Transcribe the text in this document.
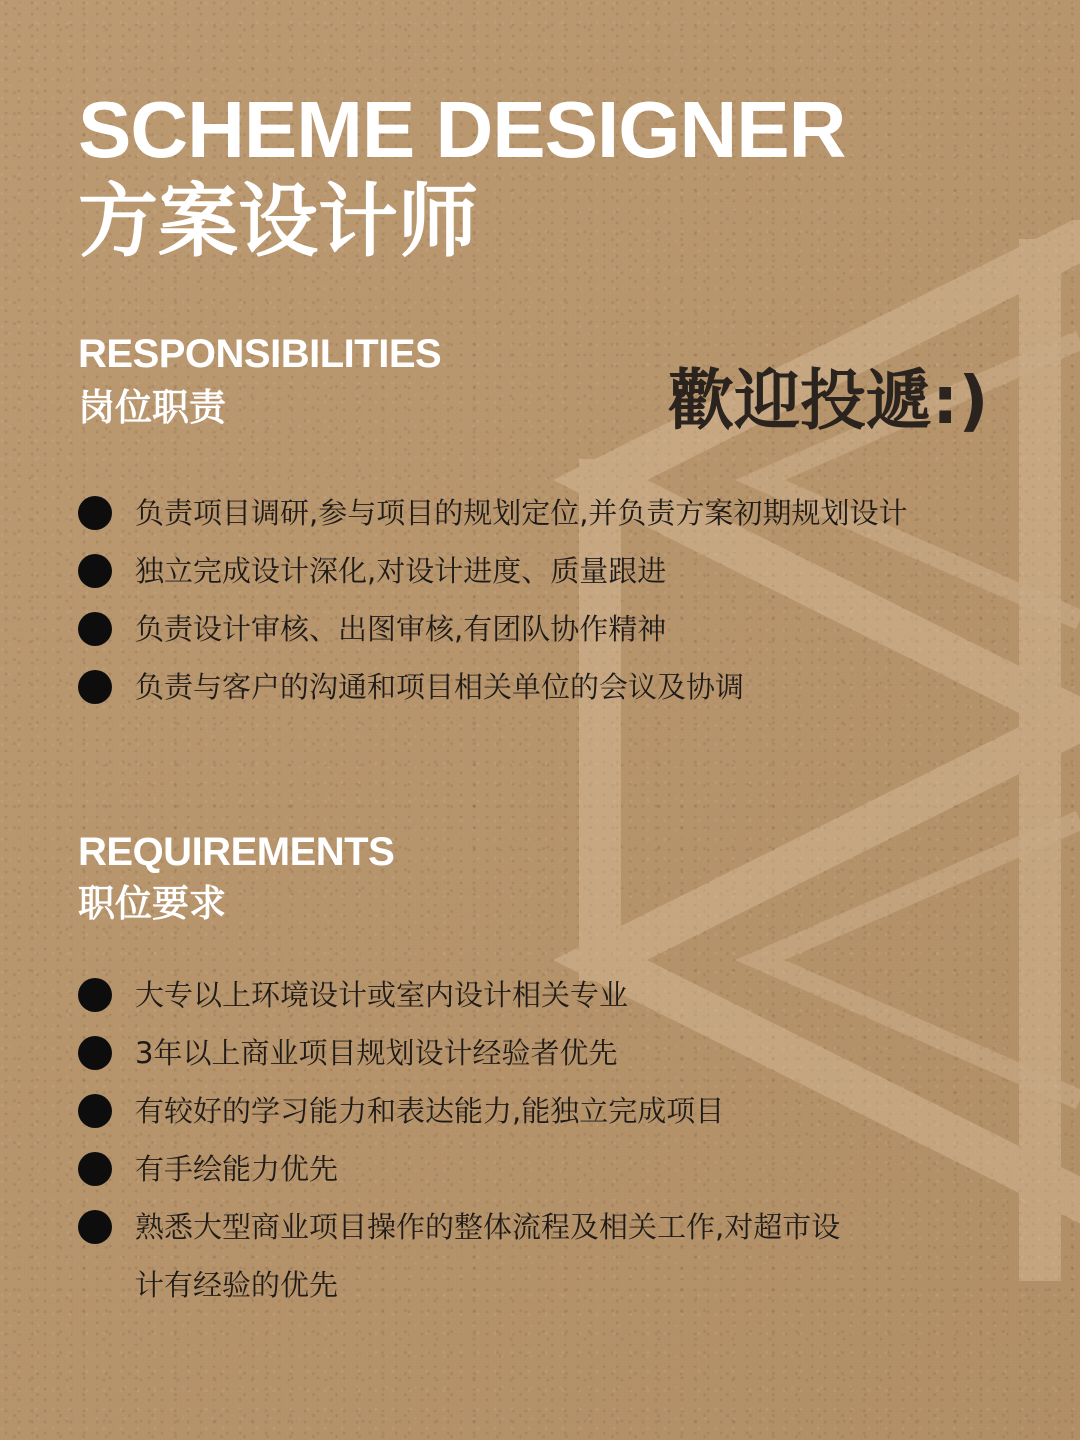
SCHEME DESIGNER
方案设计师
RESPONSIBILITIES
岗位职责	歡迎投遞:)
负责项目调研,参与项目的规划定位,并负责方案初期规划设计
独立完成设计深化,对设计进度、质量跟进
负责设计审核、出图审核,有团队协作精神
负责与客户的沟通和项目相关单位的会议及协调
REQUIREMENTS
职位要求
大专以上环境设计或室内设计相关专业
3年以上商业项目规划设计经验者优先
有较好的学习能力和表达能力,能独立完成项目
有手绘能力优先
熟悉大型商业项目操作的整体流程及相关工作,对超市设计有经验的优先
